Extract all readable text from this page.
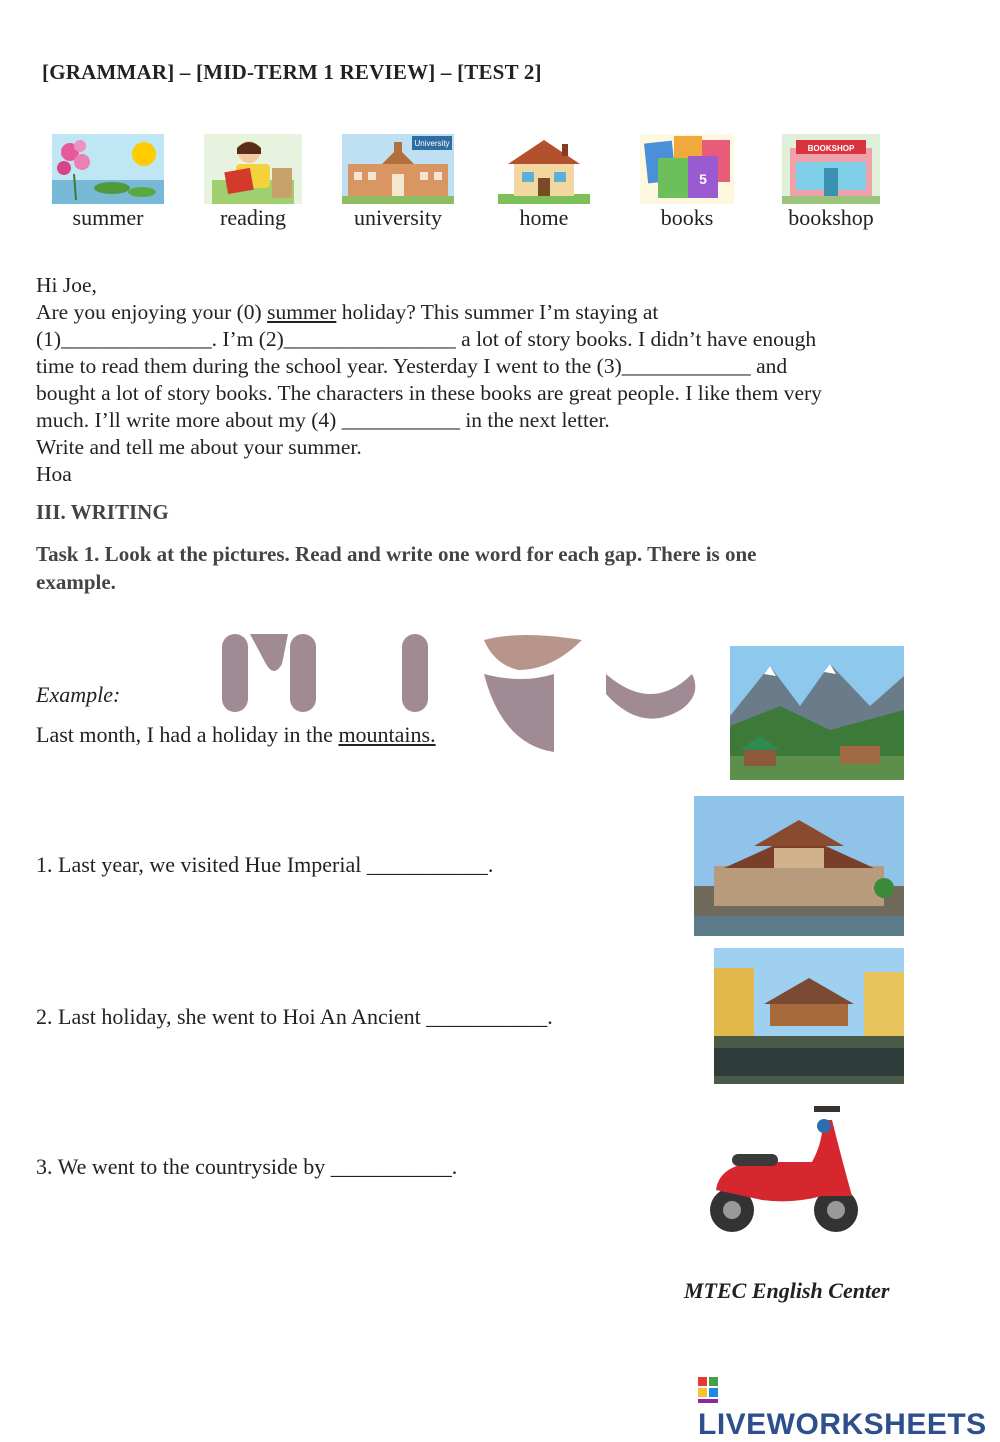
[GRAMMAR] – [MID-TERM 1 REVIEW] – [TEST 2]
University
5
BOOKSHOP
summer	reading	university	home	books	bookshop

Hi Joe,

Are you enjoying your (0) summer holiday? This summer I’m staying at

(1)______________. I’m (2)________________ a lot of story books. I didn’t have enough

time to read them during the school year. Yesterday I went to the (3)____________ and

bought a lot of story books. The characters in these books are great people. I like them very

much. I’ll write more about my (4) ___________ in the next letter.

Write and tell me about your summer.

Hoa

III. WRITING
Task 1. Look at the pictures. Read and write one word for each gap. There is one
example.
Example:
Last month, I had a holiday in the mountains.
1. Last year, we visited Hue Imperial ___________.
2. Last holiday, she went to Hoi An Ancient ___________.
3. We went to the countryside by ___________.
MTEC English Center
LIVEWORKSHEETS
